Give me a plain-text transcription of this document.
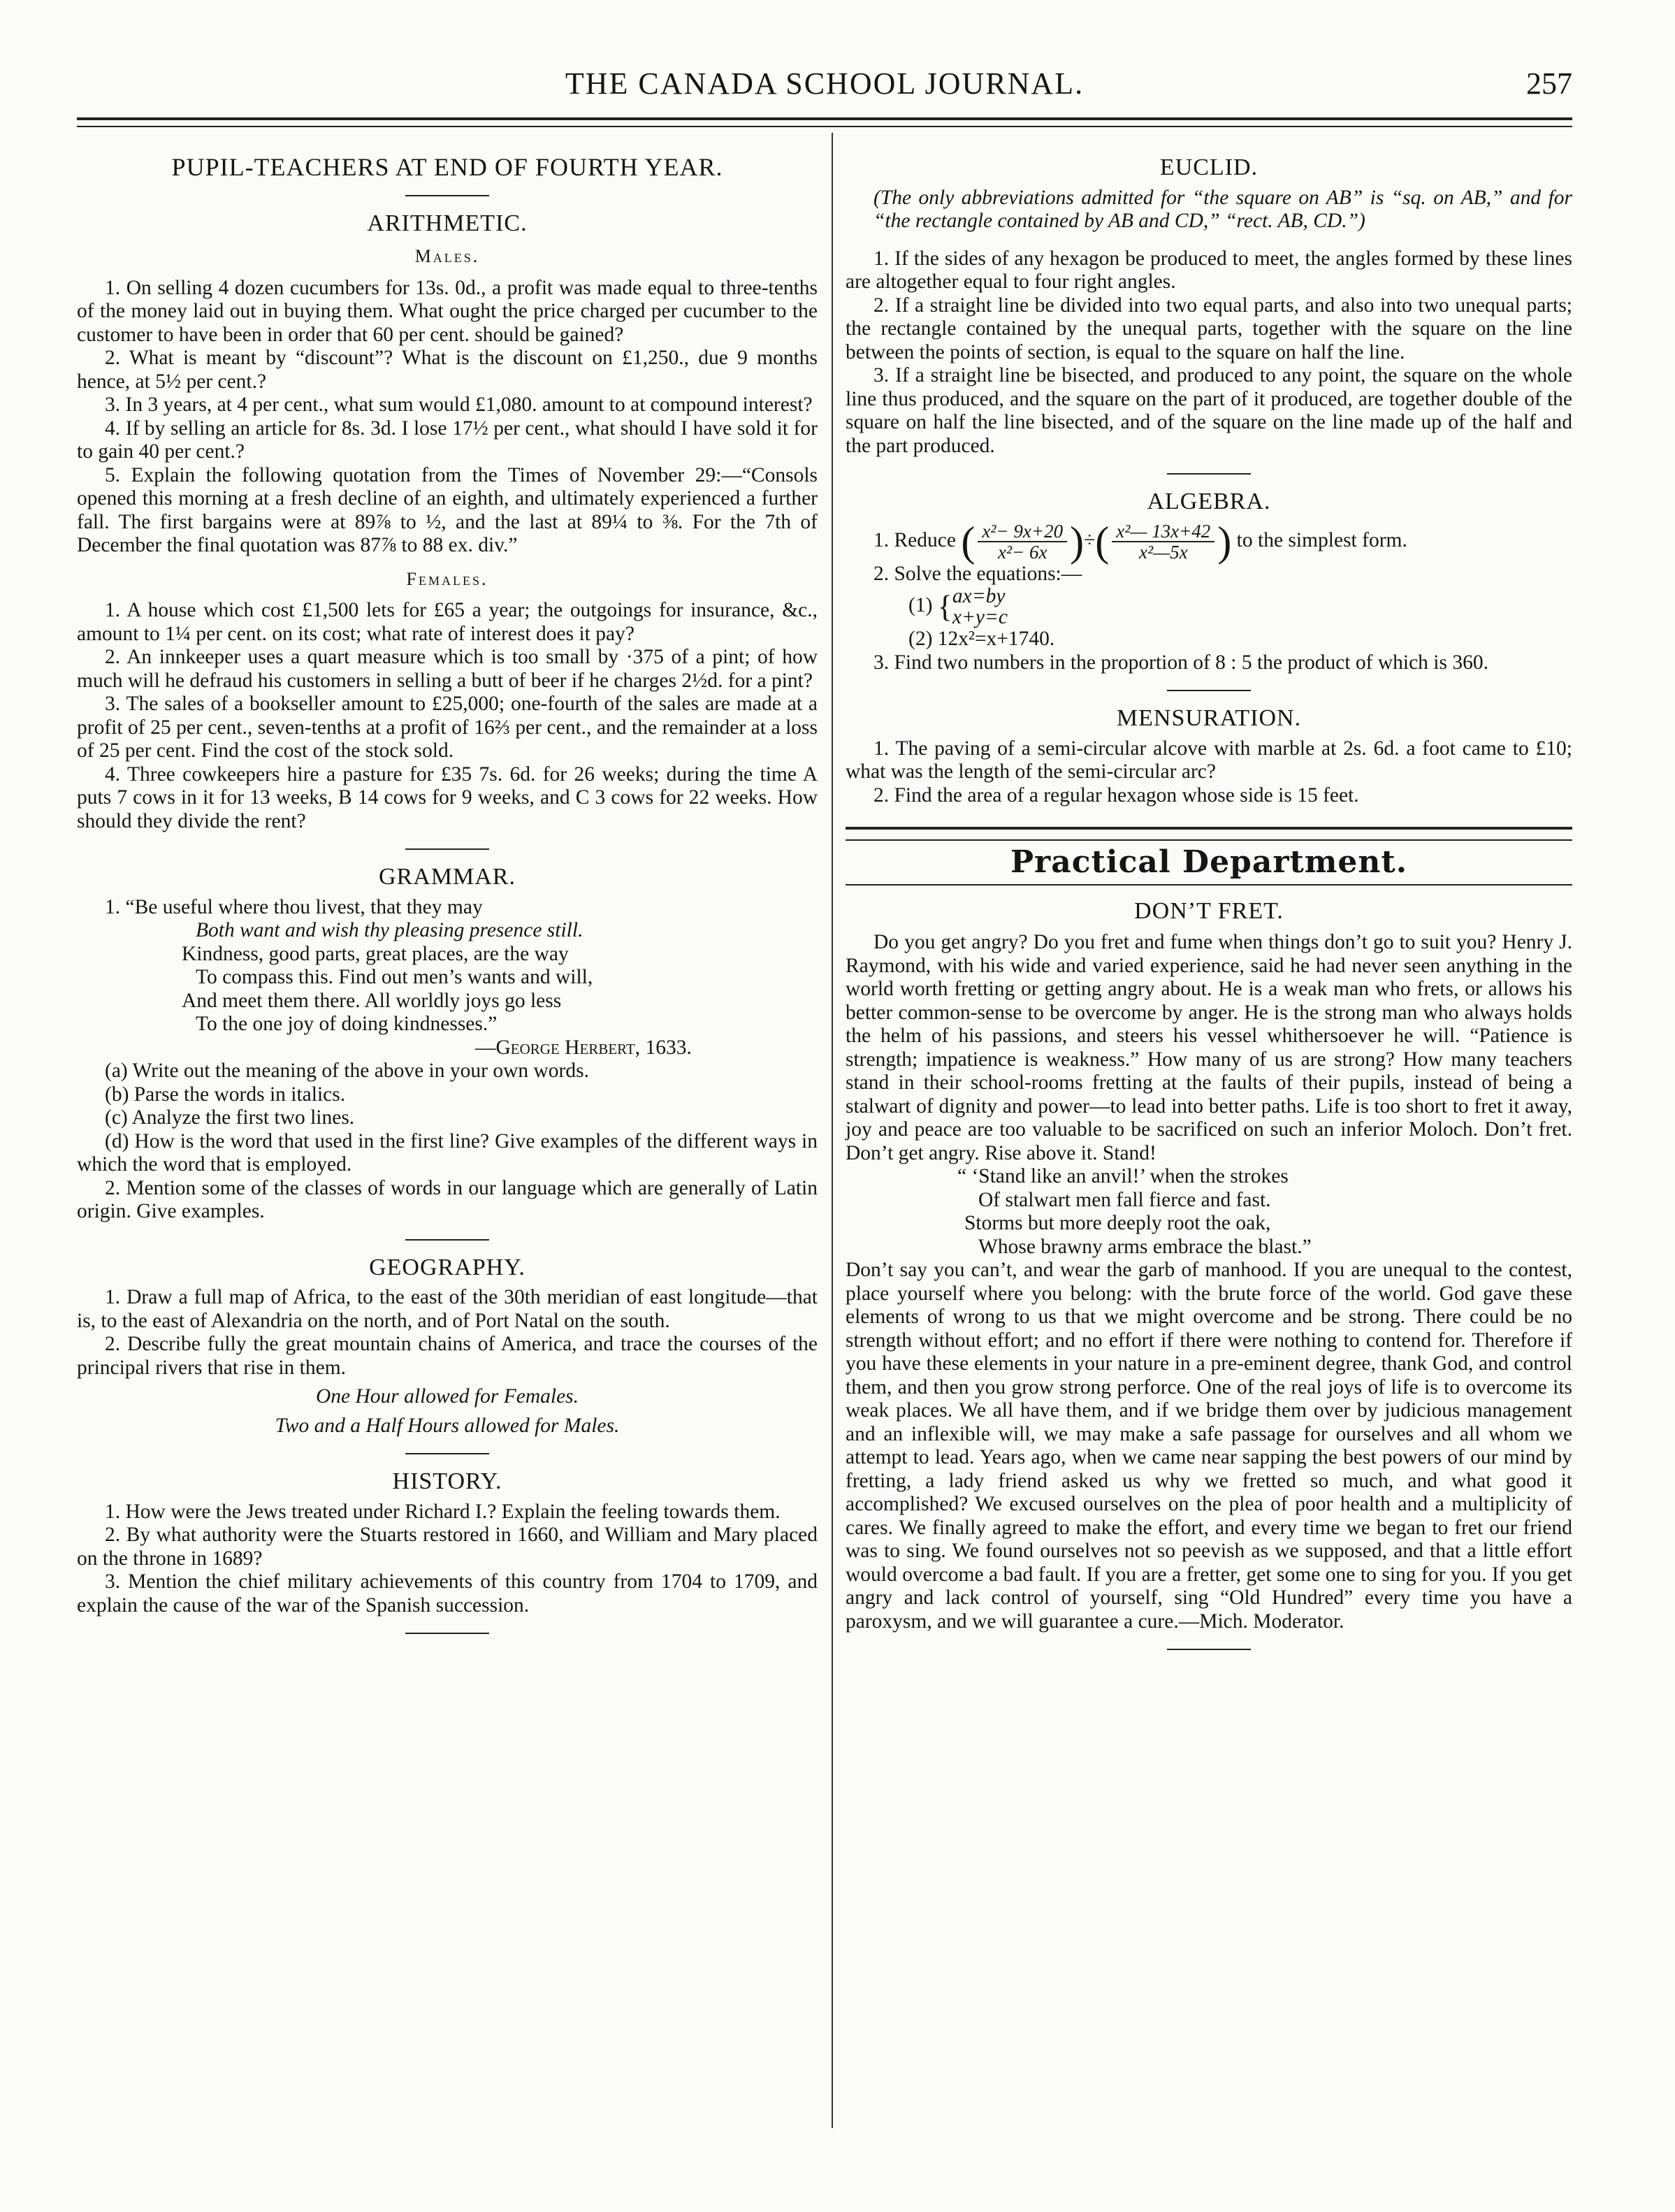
THE CANADA SCHOOL JOURNAL.	257
PUPIL-TEACHERS AT END OF FOURTH YEAR.
ARITHMETIC.
Males.

1. On selling 4 dozen cucumbers for 13s. 0d., a profit was made equal to three-tenths of the money laid out in buying them. What ought the price charged per cucumber to the customer to have been in order that 60 per cent. should be gained?

2. What is meant by “discount”? What is the discount on £1,250., due 9 months hence, at 5½ per cent.?

3. In 3 years, at 4 per cent., what sum would £1,080. amount to at compound interest?

4. If by selling an article for 8s. 3d. I lose 17½ per cent., what should I have sold it for to gain 40 per cent.?

5. Explain the following quotation from the Times of November 29:—“Consols opened this morning at a fresh decline of an eighth, and ultimately experienced a further fall. The first bargains were at 89⅞ to ½, and the last at 89¼ to ⅜. For the 7th of December the final quotation was 87⅞ to 88 ex. div.”

Females.

1. A house which cost £1,500 lets for £65 a year; the outgoings for insurance, &c., amount to 1¼ per cent. on its cost; what rate of interest does it pay?

2. An innkeeper uses a quart measure which is too small by ·375 of a pint; of how much will he defraud his customers in selling a butt of beer if he charges 2½d. for a pint?

3. The sales of a bookseller amount to £25,000; one-fourth of the sales are made at a profit of 25 per cent., seven-tenths at a profit of 16⅔ per cent., and the remainder at a loss of 25 per cent. Find the cost of the stock sold.

4. Three cowkeepers hire a pasture for £35 7s. 6d. for 26 weeks; during the time A puts 7 cows in it for 13 weeks, B 14 cows for 9 weeks, and C 3 cows for 22 weeks. How should they divide the rent?

GRAMMAR.
1. “Be useful where thou livest, that they may
Both want and wish thy pleasing presence still.
Kindness, good parts, great places, are the way
To compass this. Find out men’s wants and will,
And meet them there. All worldly joys go less
To the one joy of doing kindnesses.”
—George Herbert, 1633.

(a) Write out the meaning of the above in your own words.

(b) Parse the words in italics.

(c) Analyze the first two lines.

(d) How is the word that used in the first line? Give examples of the different ways in which the word that is employed.

2. Mention some of the classes of words in our language which are generally of Latin origin. Give examples.

GEOGRAPHY.

1. Draw a full map of Africa, to the east of the 30th meridian of east longitude—that is, to the east of Alexandria on the north, and of Port Natal on the south.

2. Describe fully the great mountain chains of America, and trace the courses of the principal rivers that rise in them.

One Hour allowed for Females.
Two and a Half Hours allowed for Males.
HISTORY.

1. How were the Jews treated under Richard I.? Explain the feeling towards them.

2. By what authority were the Stuarts restored in 1660, and William and Mary placed on the throne in 1689?

3. Mention the chief military achievements of this country from 1704 to 1709, and explain the cause of the war of the Spanish succession.

EUCLID.

(The only abbreviations admitted for “the square on AB” is “sq. on AB,” and for “the rectangle contained by AB and CD,” “rect. AB, CD.”)

1. If the sides of any hexagon be produced to meet, the angles formed by these lines are altogether equal to four right angles.

2. If a straight line be divided into two equal parts, and also into two unequal parts; the rectangle contained by the unequal parts, together with the square on the line between the points of section, is equal to the square on half the line.

3. If a straight line be bisected, and produced to any point, the square on the whole line thus produced, and the square on the part of it produced, are together double of the square on half the line bisected, and of the square on the line made up of the half and the part produced.

ALGEBRA.

1. Reduce ( $\frac{\text{x²− 9x+20}}{\text{x²− 6x}}$ )÷( $\frac{\text{x²— 13x+42}}{\text{x²—5x}}$ ) to the simplest form.

2. Solve the equations:—

(1) { ax=by
x+y=c
(2) 12x²=x+1740.

3. Find two numbers in the proportion of 8 : 5 the product of which is 360.

MENSURATION.

1. The paving of a semi-circular alcove with marble at 2s. 6d. a foot came to £10; what was the length of the semi-circular arc?

2. Find the area of a regular hexagon whose side is 15 feet.

Practical Department.
DON’T FRET.

Do you get angry? Do you fret and fume when things don’t go to suit you? Henry J. Raymond, with his wide and varied experience, said he had never seen anything in the world worth fretting or getting angry about. He is a weak man who frets, or allows his better common-sense to be overcome by anger. He is the strong man who always holds the helm of his passions, and steers his vessel whithersoever he will. “Patience is strength; impatience is weakness.” How many of us are strong? How many teachers stand in their school-rooms fretting at the faults of their pupils, instead of being a stalwart of dignity and power—to lead into better paths. Life is too short to fret it away, joy and peace are too valuable to be sacrificed on such an inferior Moloch. Don’t fret. Don’t get angry. Rise above it. Stand!

“ ‘Stand like an anvil!’ when the strokes
Of stalwart men fall fierce and fast.
Storms but more deeply root the oak,
Whose brawny arms embrace the blast.”

Don’t say you can’t, and wear the garb of manhood. If you are unequal to the contest, place yourself where you belong: with the brute force of the world. God gave these elements of wrong to us that we might overcome and be strong. There could be no strength without effort; and no effort if there were nothing to contend for. Therefore if you have these elements in your nature in a pre-eminent degree, thank God, and control them, and then you grow strong perforce. One of the real joys of life is to overcome its weak places. We all have them, and if we bridge them over by judicious management and an inflexible will, we may make a safe passage for ourselves and all whom we attempt to lead. Years ago, when we came near sapping the best powers of our mind by fretting, a lady friend asked us why we fretted so much, and what good it accomplished? We excused ourselves on the plea of poor health and a multiplicity of cares. We finally agreed to make the effort, and every time we began to fret our friend was to sing. We found ourselves not so peevish as we supposed, and that a little effort would overcome a bad fault. If you are a fretter, get some one to sing for you. If you get angry and lack control of yourself, sing “Old Hundred” every time you have a paroxysm, and we will guarantee a cure.—Mich. Moderator.
